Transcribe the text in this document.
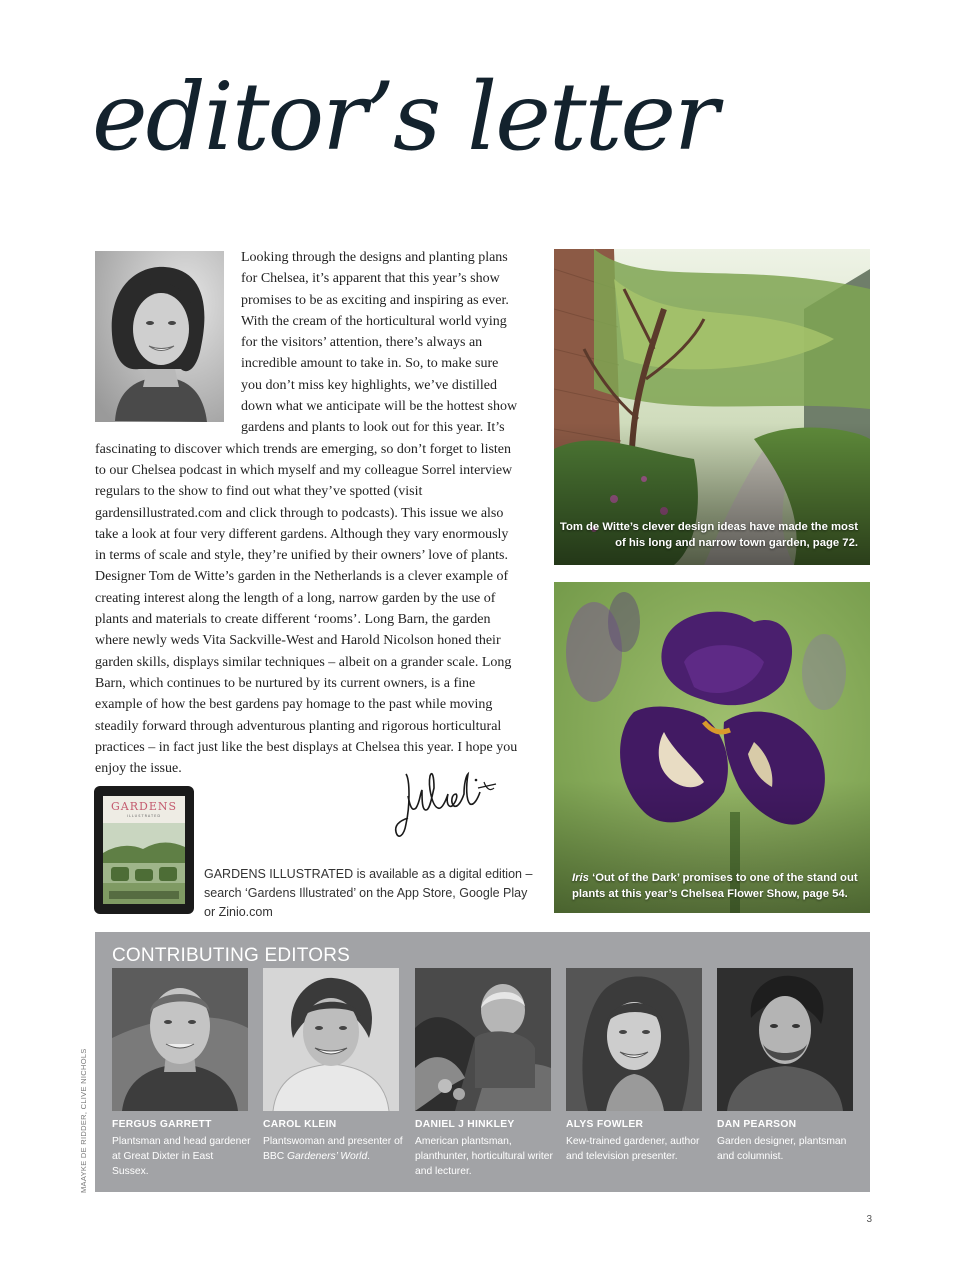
editor’s letter

Looking through the designs and planting plans for Chelsea, it’s apparent that this year’s show promises to be as exciting and inspiring as ever. With the cream of the horticultural world vying for the visitors’ attention, there’s always an incredible amount to take in. So, to make sure you don’t miss key highlights, we’ve distilled down what we anticipate will be the hottest show gardens and plants to look out for this year. It’s fascinating to discover which trends are emerging, so don’t forget to listen to our Chelsea podcast in which myself and my colleague Sorrel interview regulars to the show to find out what they’ve spotted (visit gardensillustrated.com and click through to podcasts). This issue we also take a look at four very different gardens. Although they vary enormously in terms of scale and style, they’re unified by their owners’ love of plants. Designer Tom de Witte’s garden in the Netherlands is a clever example of creating interest along the length of a long, narrow garden by the use of plants and materials to create different ‘rooms’. Long Barn, the garden where newly weds Vita Sackville-West and Harold Nicolson honed their garden skills, displays similar techniques – albeit on a grander scale. Long Barn, which continues to be nurtured by its current owners, is a fine example of how the best gardens pay homage to the past while moving steadily forward through adventurous planting and rigorous horticultural practices – in fact just like the best displays at Chelsea this year. I hope you enjoy the issue.

GARDENS
ILLUSTRATED

GARDENS ILLUSTRATED is available as a digital edition – search ‘Gardens Illustrated’ on the App Store, Google Play or Zinio.com

Tom de Witte’s clever design ideas have made the most of his long and narrow town garden, page 72.

Iris ‘Out of the Dark’ promises to one of the stand out plants at this year’s Chelsea Flower Show, page 54.

MAAYKE DE RIDDER, CLIVE NICHOLS
CONTRIBUTING EDITORS

FERGUS GARRETT

Plantsman and head gardener at Great Dixter in East Sussex.

CAROL KLEIN

Plantswoman and presenter of BBC Gardeners’ World.

DANIEL J HINKLEY

American plantsman, planthunter, horticultural writer and lecturer.

ALYS FOWLER

Kew-trained gardener, author and television presenter.

DAN PEARSON

Garden designer, plantsman and columnist.

3
